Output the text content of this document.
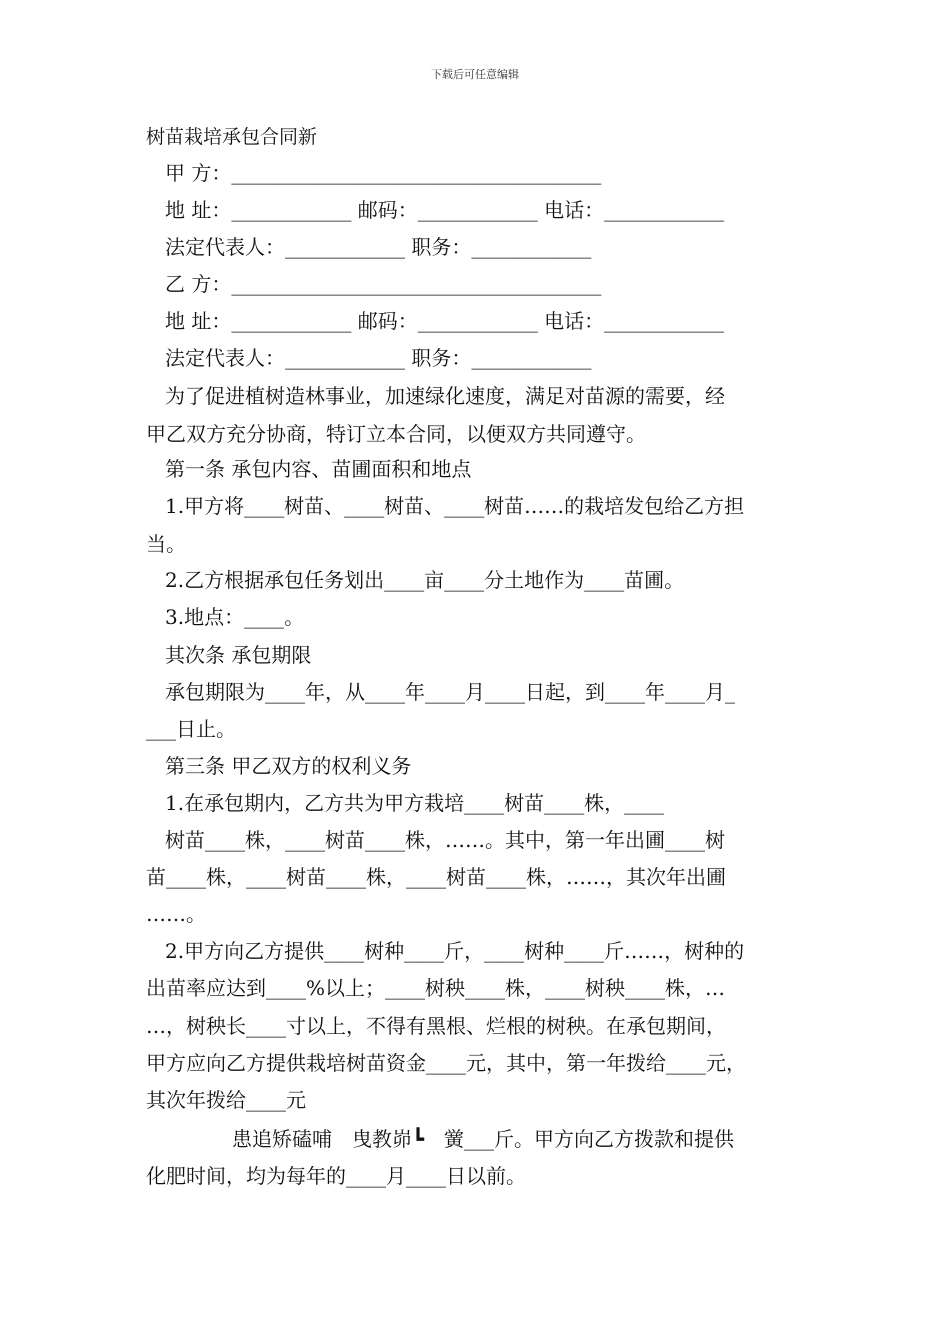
下载后可任意编辑
树苗栽培承包合同新
甲 方：_____________________________________
地 址：____________ 邮码：____________ 电话：____________
法定代表人：____________ 职务：____________
乙 方：_____________________________________
地 址：____________ 邮码：____________ 电话：____________
法定代表人：____________ 职务：____________
为了促进植树造林事业，加速绿化速度，满足对苗源的需要，经
甲乙双方充分协商，特订立本合同，以便双方共同遵守。
第一条 承包内容、苗圃面积和地点
1.甲方将____树苗、____树苗、____树苗……的栽培发包给乙方担
当。
2.乙方根据承包任务划出____亩____分土地作为____苗圃。
3.地点：____。
其次条 承包期限
承包期限为____年，从____年____月____日起，到____年____月_
___日止。
第三条 甲乙双方的权利义务
1.在承包期内，乙方共为甲方栽培____树苗____株，____
树苗____株，____树苗____株，……。其中，第一年出圃____树
苗____株，____树苗____株，____树苗____株，……，其次年出圃
……。
2.甲方向乙方提供____树种____斤，____树种____斤……，树种的
出苗率应达到____%以上；____树秧____株，____树秧____株，…
…，树秧长____寸以上，不得有黑根、烂根的树秧。在承包期间，
甲方应向乙方提供栽培树苗资金____元，其中，第一年拨给____元，
其次年拨给____元
患追矫磕哺　曳教峁┗　黉___斤。甲方向乙方拨款和提供
化肥时间，均为每年的____月____日以前。
